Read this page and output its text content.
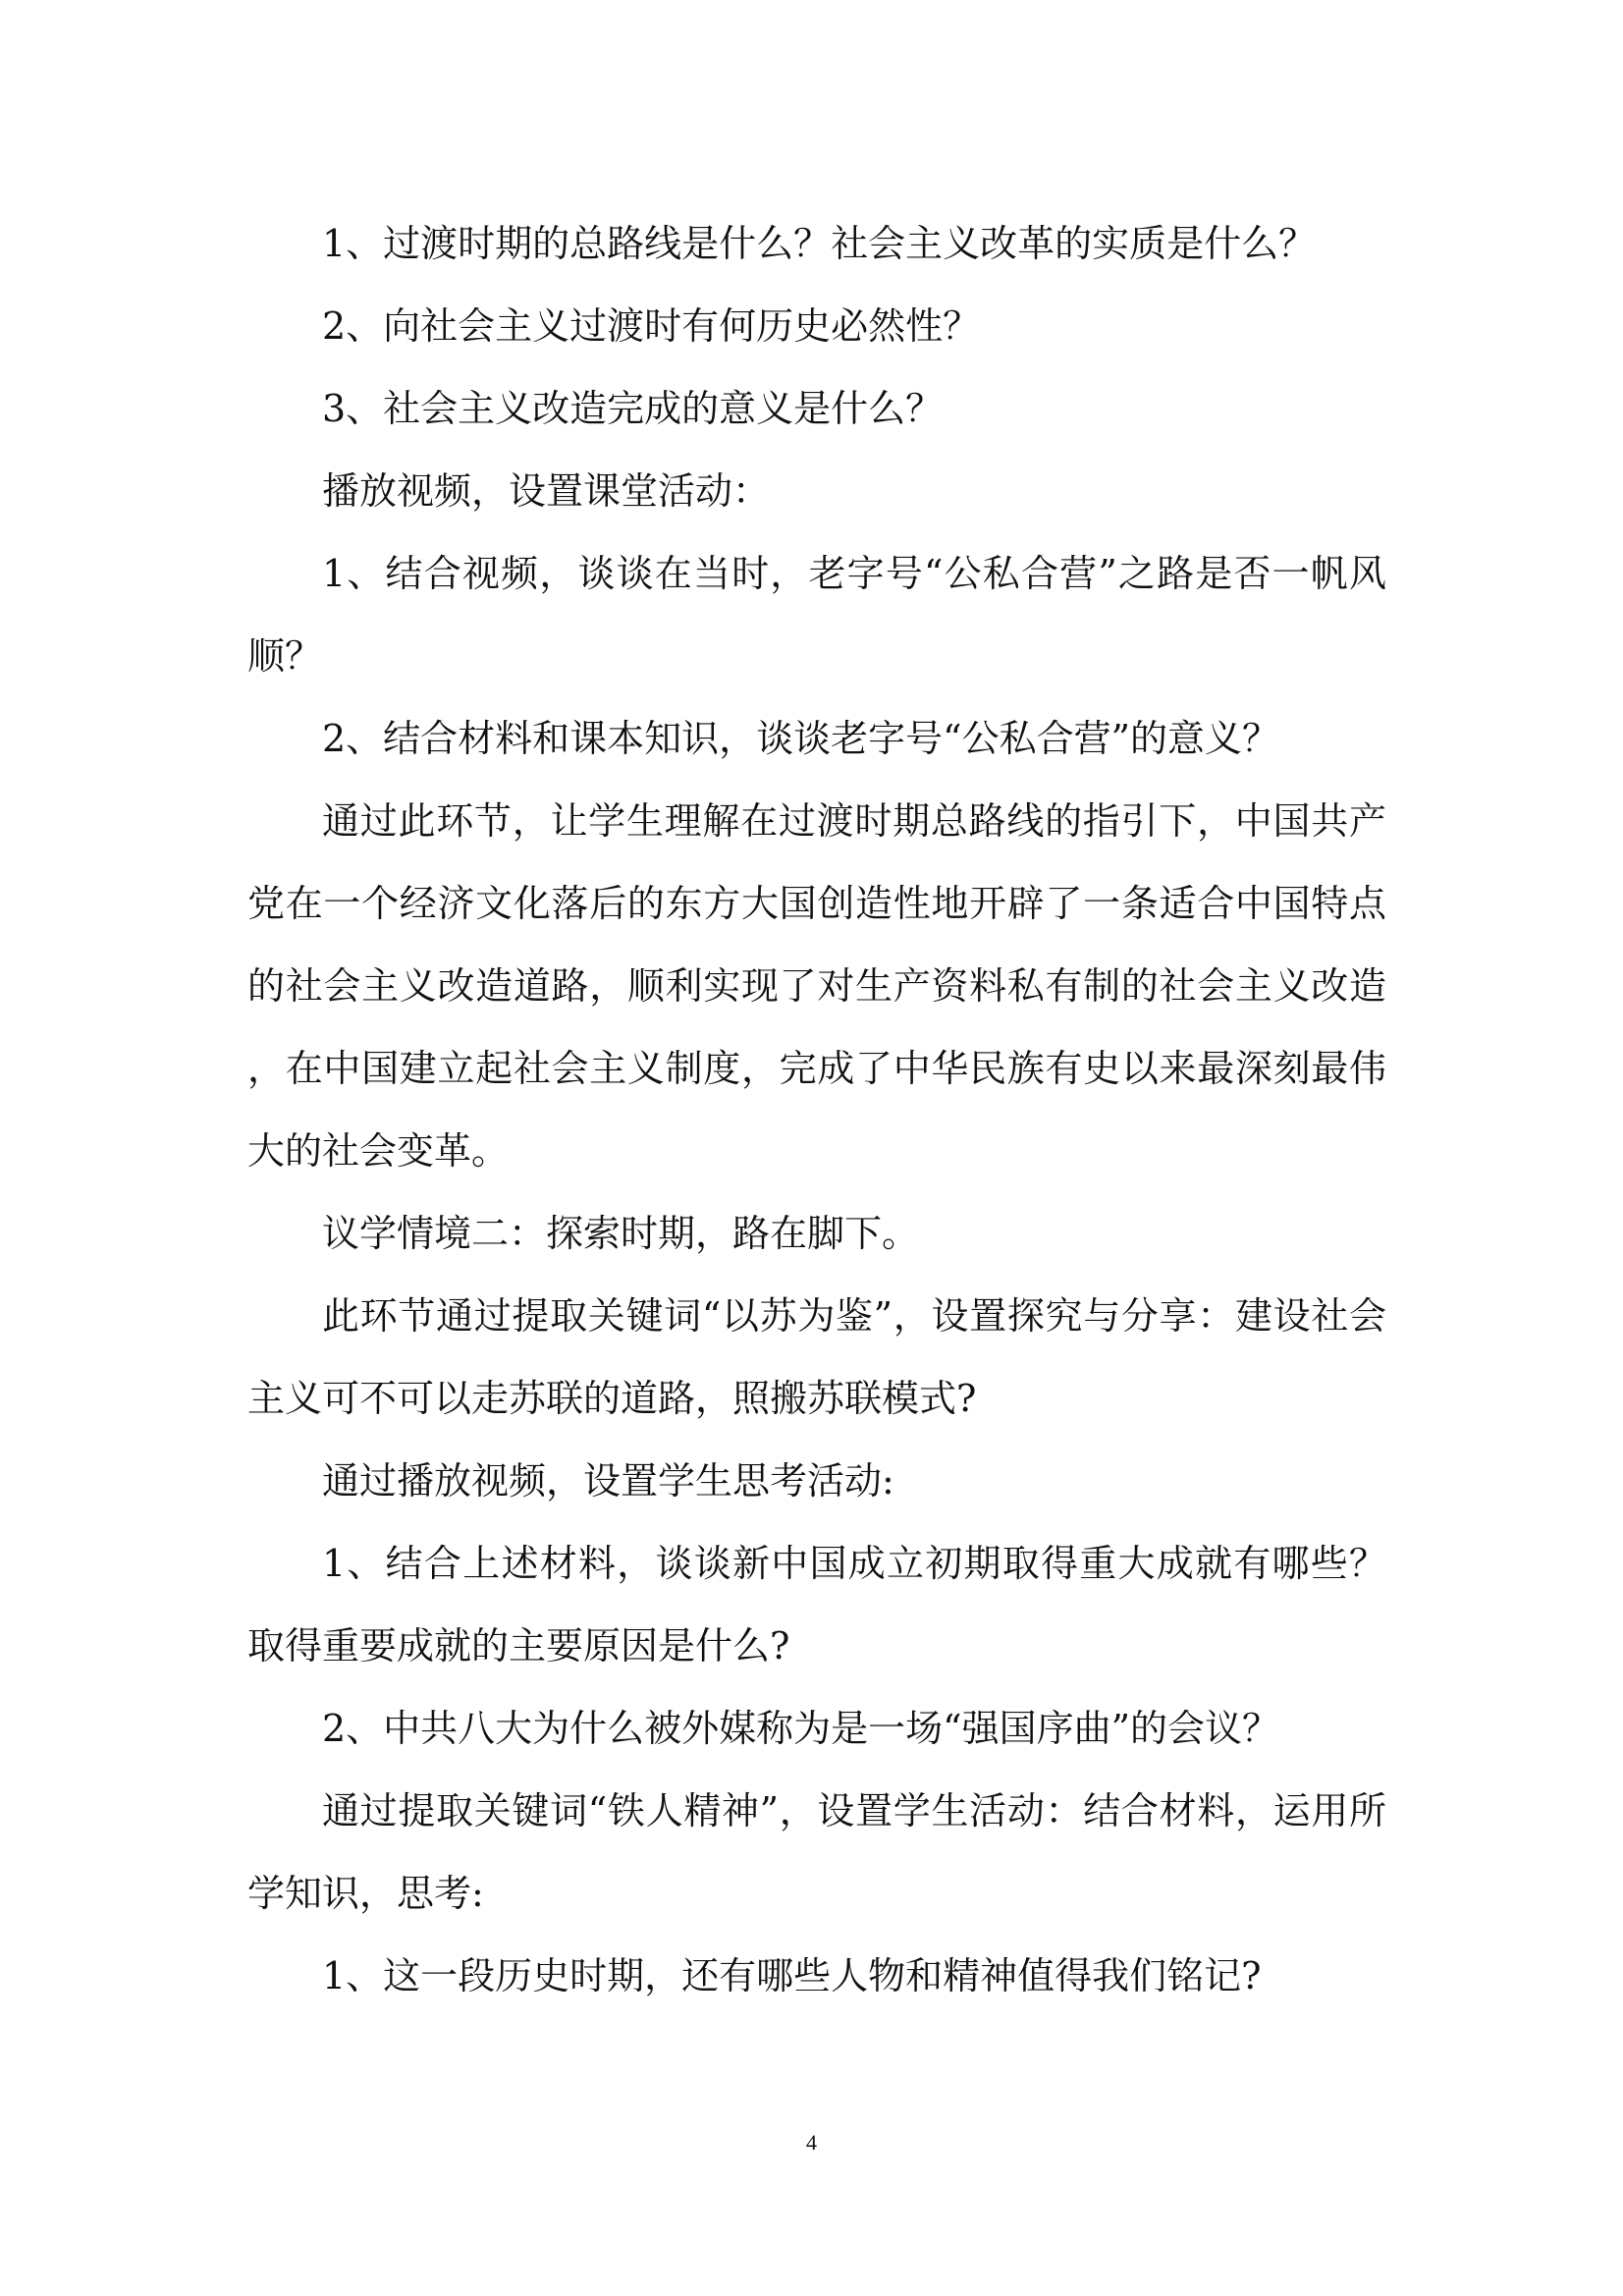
1、过渡时期的总路线是什么？社会主义改革的实质是什么？

2、向社会主义过渡时有何历史必然性？

3、社会主义改造完成的意义是什么？

播放视频，设置课堂活动：

1、结合视频，谈谈在当时，老字号“公私合营”之路是否一帆风顺？

2、结合材料和课本知识，谈谈老字号“公私合营”的意义？

通过此环节，让学生理解在过渡时期总路线的指引下，中国共产党在一个经济文化落后的东方大国创造性地开辟了一条适合中国特点的社会主义改造道路，顺利实现了对生产资料私有制的社会主义改造，在中国建立起社会主义制度，完成了中华民族有史以来最深刻最伟大的社会变革。

议学情境二：探索时期，路在脚下。

此环节通过提取关键词“以苏为鉴”，设置探究与分享：建设社会主义可不可以走苏联的道路，照搬苏联模式?

通过播放视频，设置学生思考活动:

1、结合上述材料，谈谈新中国成立初期取得重大成就有哪些？取得重要成就的主要原因是什么?

2、中共八大为什么被外媒称为是一场“强国序曲”的会议？

通过提取关键词“铁人精神”，设置学生活动：结合材料，运用所学知识，思考:

1、这一段历史时期，还有哪些人物和精神值得我们铭记?

4
